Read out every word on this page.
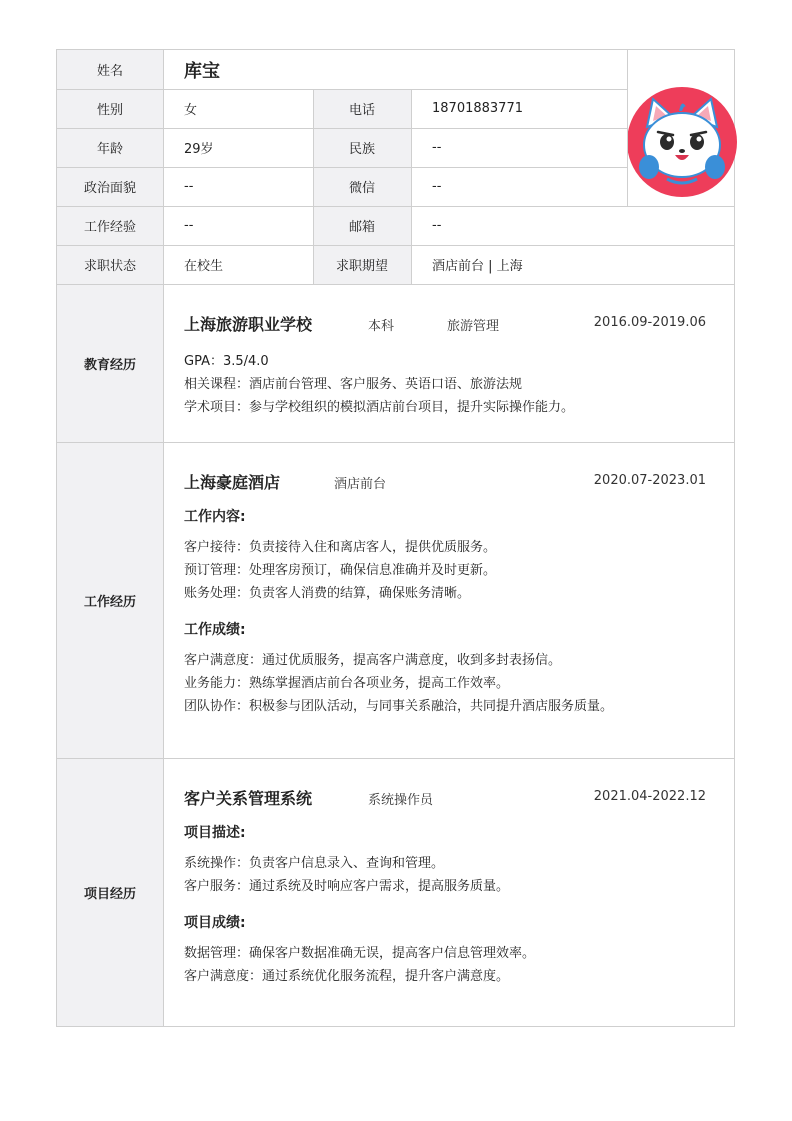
姓名	库宝
性别	女	电话	18701883771
年龄	29岁	民族	--
政治面貌	--	微信	--
工作经验	--	邮箱	--
求职状态	在校生	求职期望	酒店前台 | 上海
教育经历
上海旅游职业学校	本科	旅游管理	2016.09-2019.06
GPA：3.5/4.0
相关课程：酒店前台管理、客户服务、英语口语、旅游法规
学术项目：参与学校组织的模拟酒店前台项目，提升实际操作能力。
工作经历
上海豪庭酒店	酒店前台	2020.07-2023.01
工作内容:
客户接待：负责接待入住和离店客人，提供优质服务。
预订管理：处理客房预订，确保信息准确并及时更新。
账务处理：负责客人消费的结算，确保账务清晰。
工作成绩:
客户满意度：通过优质服务，提高客户满意度，收到多封表扬信。
业务能力：熟练掌握酒店前台各项业务，提高工作效率。
团队协作：积极参与团队活动，与同事关系融洽，共同提升酒店服务质量。
项目经历
客户关系管理系统	系统操作员	2021.04-2022.12
项目描述:
系统操作：负责客户信息录入、查询和管理。
客户服务：通过系统及时响应客户需求，提高服务质量。
项目成绩:
数据管理：确保客户数据准确无误，提高客户信息管理效率。
客户满意度：通过系统优化服务流程，提升客户满意度。
